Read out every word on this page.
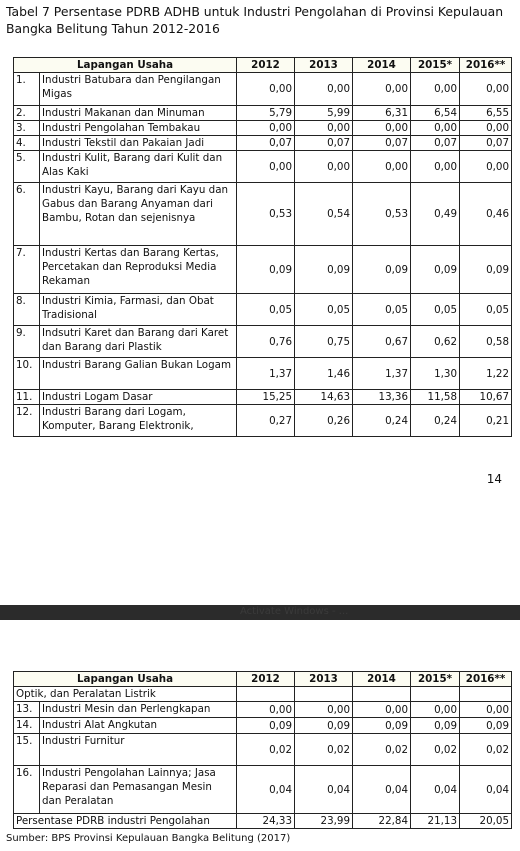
Tabel 7 Persentase PDRB ADHB untuk Industri Pengolahan di Provinsi Kepulauan Bangka Belitung Tahun 2012-2016
Lapangan Usaha		2012	2013	2014	2015*	2016**
1.	Industri Batubara dan Pengilangan Migas	0,00	0,00	0,00	0,00	0,00
2.	Industri Makanan dan Minuman	5,79	5,99	6,31	6,54	6,55
3.	Industri Pengolahan Tembakau	0,00	0,00	0,00	0,00	0,00
4.	Industri Tekstil dan Pakaian Jadi	0,07	0,07	0,07	0,07	0,07
5.	Industri Kulit, Barang dari Kulit dan Alas Kaki	0,00	0,00	0,00	0,00	0,00
6.	Industri Kayu, Barang dari Kayu dan Gabus dan Barang Anyaman dari Bambu, Rotan dan sejenisnya	0,53	0,54	0,53	0,49	0,46
7.	Industri Kertas dan Barang Kertas, Percetakan dan Reproduksi Media Rekaman	0,09	0,09	0,09	0,09	0,09
8.	Industri Kimia, Farmasi, dan Obat Tradisional	0,05	0,05	0,05	0,05	0,05
9.	Indsutri Karet dan Barang dari Karet dan Barang dari Plastik	0,76	0,75	0,67	0,62	0,58
10.	Industri Barang Galian Bukan Logam	1,37	1,46	1,37	1,30	1,22
11.	Industri Logam Dasar	15,25	14,63	13,36	11,58	10,67
12.	Industri Barang dari Logam, Komputer, Barang Elektronik,	0,27	0,26	0,24	0,24	0,21
14
Activate Windows - ...
Lapangan Usaha		2012	2013	2014	2015*	2016**
Optik, dan Peralatan Listrik						
13.	Industri Mesin dan Perlengkapan	0,00	0,00	0,00	0,00	0,00
14.	Industri Alat Angkutan	0,09	0,09	0,09	0,09	0,09
15.	Industri Furnitur	0,02	0,02	0,02	0,02	0,02
16.	Industri Pengolahan Lainnya; Jasa Reparasi dan Pemasangan Mesin dan Peralatan	0,04	0,04	0,04	0,04	0,04
Persentase PDRB industri Pengolahan		24,33	23,99	22,84	21,13	20,05
Sumber: BPS Provinsi Kepulauan Bangka Belitung (2017)
